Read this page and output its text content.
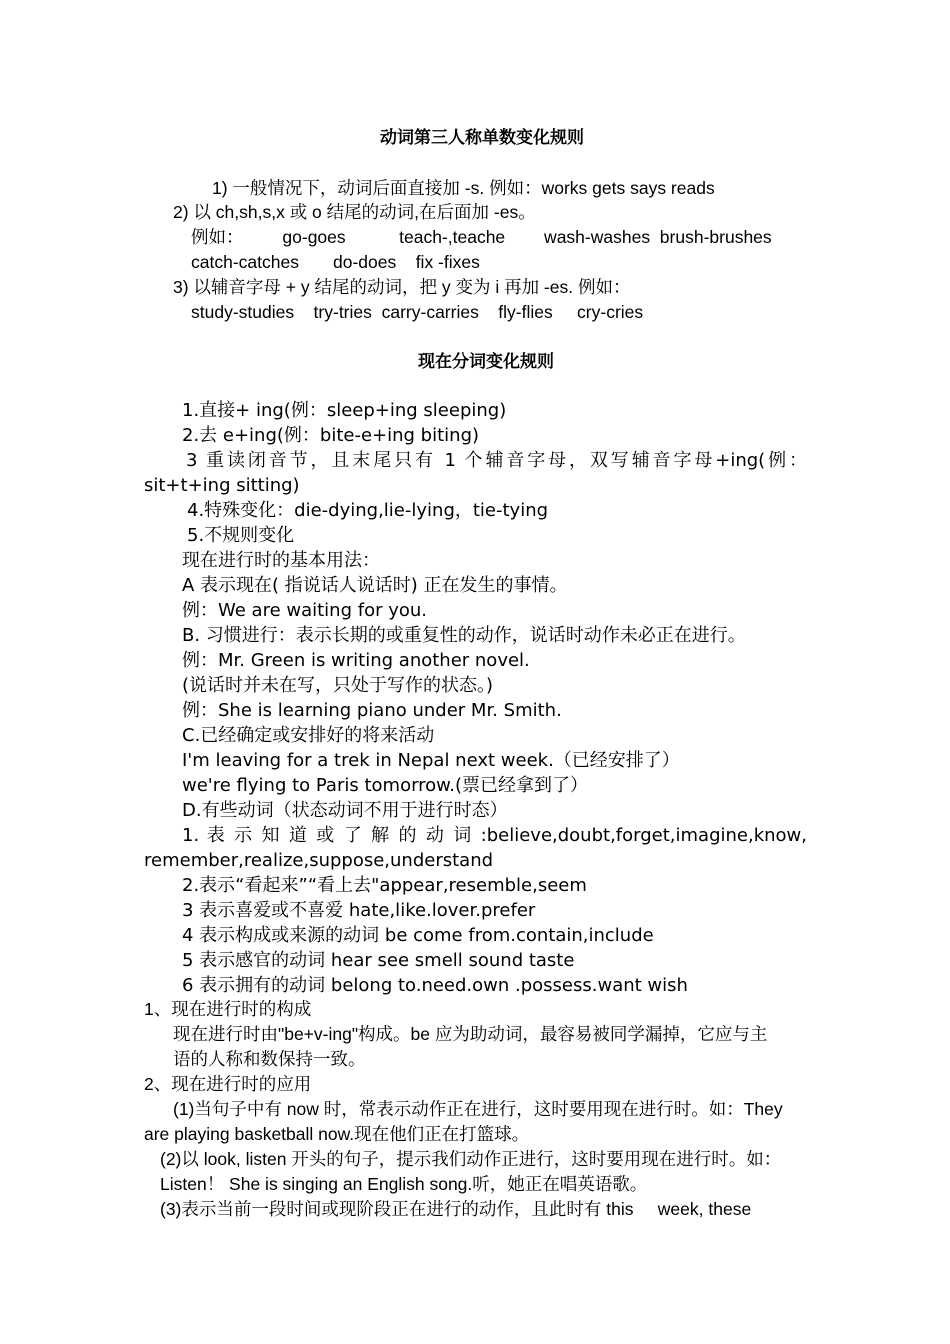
动词第三人称单数变化规则
1) 一般情况下，动词后面直接加 -s. 例如：works gets says reads
2) 以 ch,sh,s,x 或 o 结尾的动词,在后面加 -es。
例如：        go-goes           teach-,teache        wash-washes  brush-brushes
catch-catches       do-does    fix -fixes
3) 以辅音字母 + y 结尾的动词，把 y 变为 i 再加 -es. 例如：
study-studies    try-tries  carry-carries    fly-flies     cry-cries
现在分词变化规则
1.直接+ ing(例：sleep+ing sleeping)
2.去 e+ing(例：bite-e+ing biting)
3 重读闭音节，且末尾只有 1 个辅音字母，双写辅音字母+ing(例：
sit+t+ing sitting)
4.特殊变化：die-dying,lie-lying，tie-tying
5.不规则变化
现在进行时的基本用法：
A 表示现在( 指说话人说话时) 正在发生的事情。
例：We are waiting for you.
B. 习惯进行：表示长期的或重复性的动作，说话时动作未必正在进行。
例：Mr. Green is writing another novel.
(说话时并未在写，只处于写作的状态。)
例：She is learning piano under Mr. Smith.
C.已经确定或安排好的将来活动
I'm leaving for a trek in Nepal next week.（已经安排了）
we're flying to Paris tomorrow.(票已经拿到了）
D.有些动词（状态动词不用于进行时态）
1. 表 示 知 道 或 了 解 的 动 词 :believe,doubt,forget,imagine,know,
remember,realize,suppose,understand
2.表示“看起来”“看上去"appear,resemble,seem
3 表示喜爱或不喜爱 hate,like.lover.prefer
4 表示构成或来源的动词 be come from.contain,include
5 表示感官的动词 hear see smell sound taste
6 表示拥有的动词 belong to.need.own .possess.want wish
1、现在进行时的构成
现在进行时由"be+v-ing"构成。be 应为助动词，最容易被同学漏掉，它应与主
语的人称和数保持一致。
2、现在进行时的应用
(1)当句子中有 now 时，常表示动作正在进行，这时要用现在进行时。如：They
are playing basketball now.现在他们正在打篮球。
(2)以 look, listen 开头的句子，提示我们动作正进行，这时要用现在进行时。如：
Listen！ She is singing an English song.听，她正在唱英语歌。
(3)表示当前一段时间或现阶段正在进行的动作，且此时有 this     week, these
